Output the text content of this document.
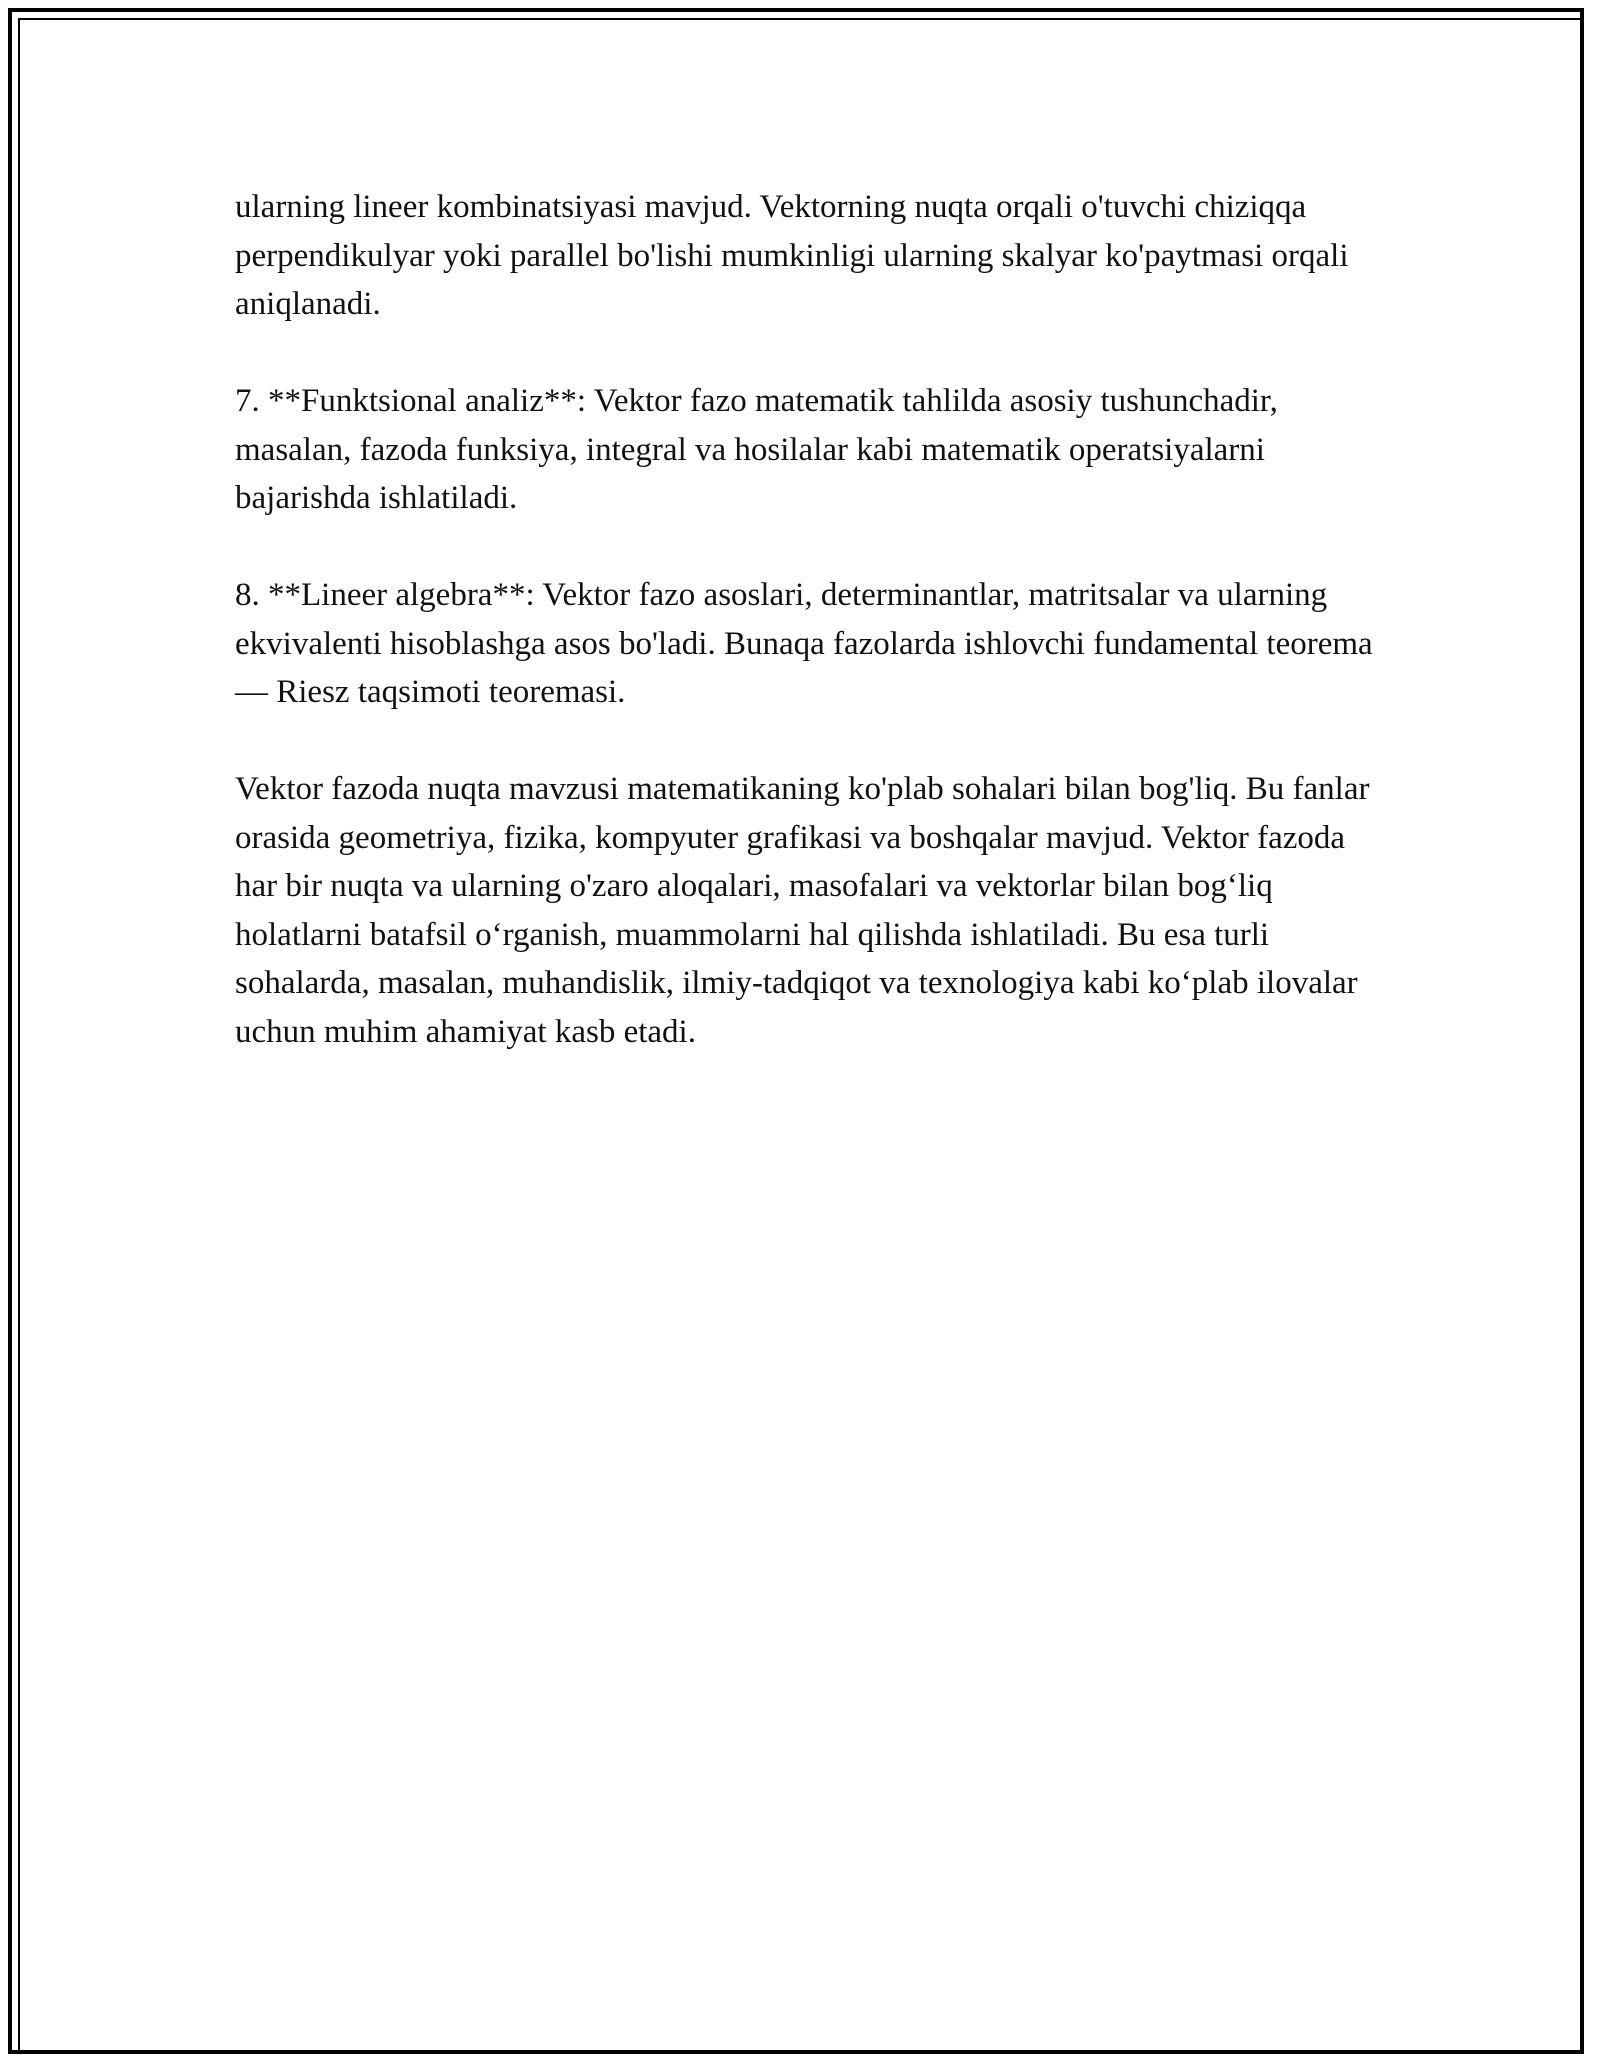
ularning lineer kombinatsiyasi mavjud. Vektorning nuqta orqali o'tuvchi chiziqqa perpendikulyar yoki parallel bo'lishi mumkinligi ularning skalyar ko'paytmasi orqali aniqlanadi.

7. **Funktsional analiz**: Vektor fazo matematik tahlilda asosiy tushunchadir, masalan, fazoda funksiya, integral va hosilalar kabi matematik operatsiyalarni bajarishda ishlatiladi.

8. **Lineer algebra**: Vektor fazo asoslari, determinantlar, matritsalar va ularning ekvivalenti hisoblashga asos bo'ladi. Bunaqa fazolarda ishlovchi fundamental teorema — Riesz taqsimoti teoremasi.

Vektor fazoda nuqta mavzusi matematikaning ko'plab sohalari bilan bog'liq. Bu fanlar orasida geometriya, fizika, kompyuter grafikasi va boshqalar mavjud. Vektor fazoda har bir nuqta va ularning o'zaro aloqalari, masofalari va vektorlar bilan bog‘liq holatlarni batafsil o‘rganish, muammolarni hal qilishda ishlatiladi. Bu esa turli sohalarda, masalan, muhandislik, ilmiy-tadqiqot va texnologiya kabi ko‘plab ilovalar uchun muhim ahamiyat kasb etadi.
